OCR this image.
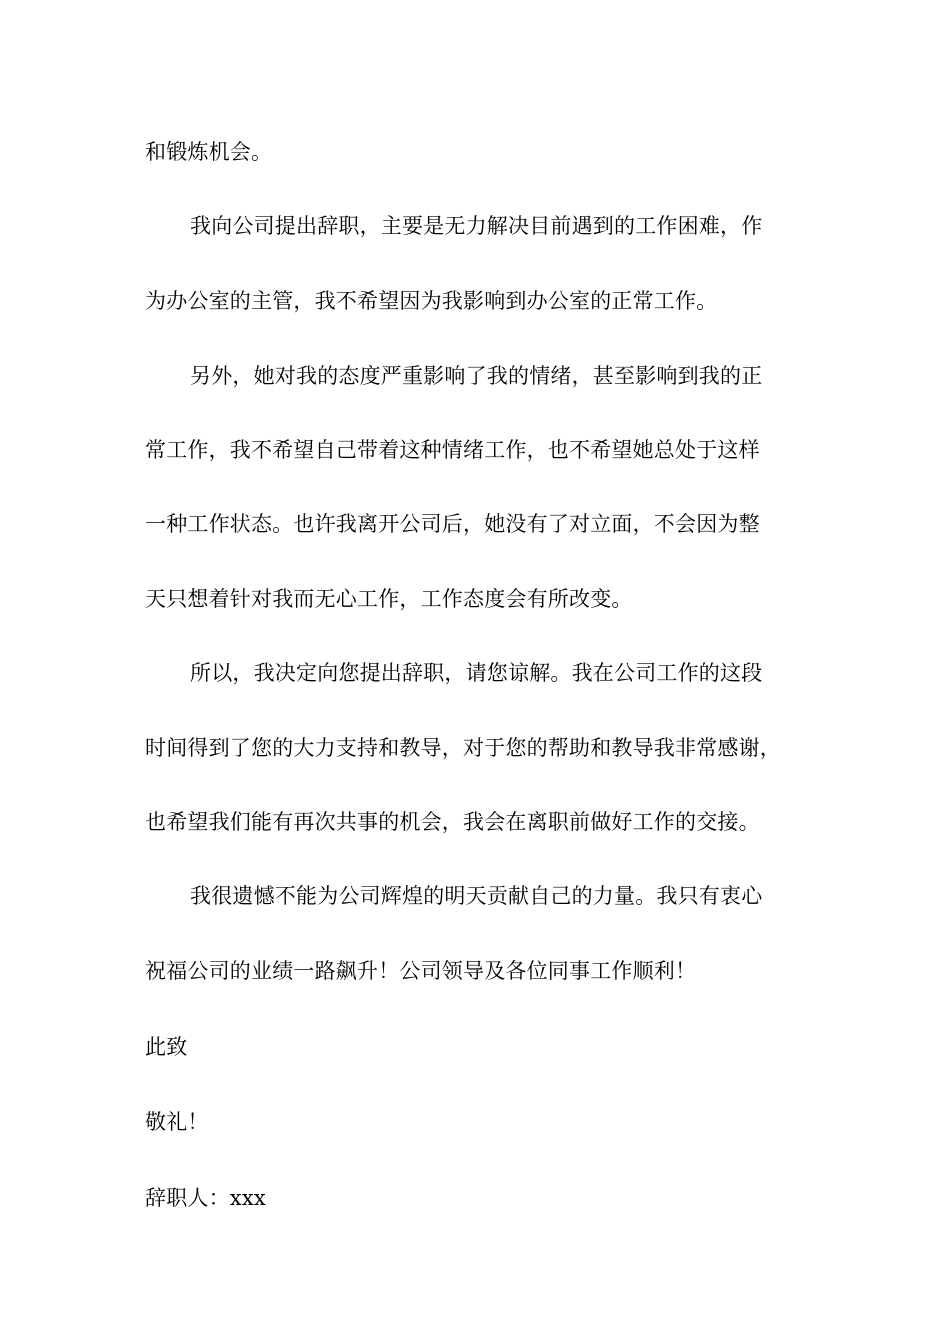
和锻炼机会。
我向公司提出辞职，主要是无力解决目前遇到的工作困难，作
为办公室的主管，我不希望因为我影响到办公室的正常工作。
另外，她对我的态度严重影响了我的情绪，甚至影响到我的正
常工作，我不希望自己带着这种情绪工作，也不希望她总处于这样
一种工作状态。也许我离开公司后，她没有了对立面，不会因为整
天只想着针对我而无心工作，工作态度会有所改变。
所以，我决定向您提出辞职，请您谅解。我在公司工作的这段
时间得到了您的大力支持和教导，对于您的帮助和教导我非常感谢，
也希望我们能有再次共事的机会，我会在离职前做好工作的交接。
我很遗憾不能为公司辉煌的明天贡献自己的力量。我只有衷心
祝福公司的业绩一路飙升！公司领导及各位同事工作顺利！
此致
敬礼！
辞职人：xxx
